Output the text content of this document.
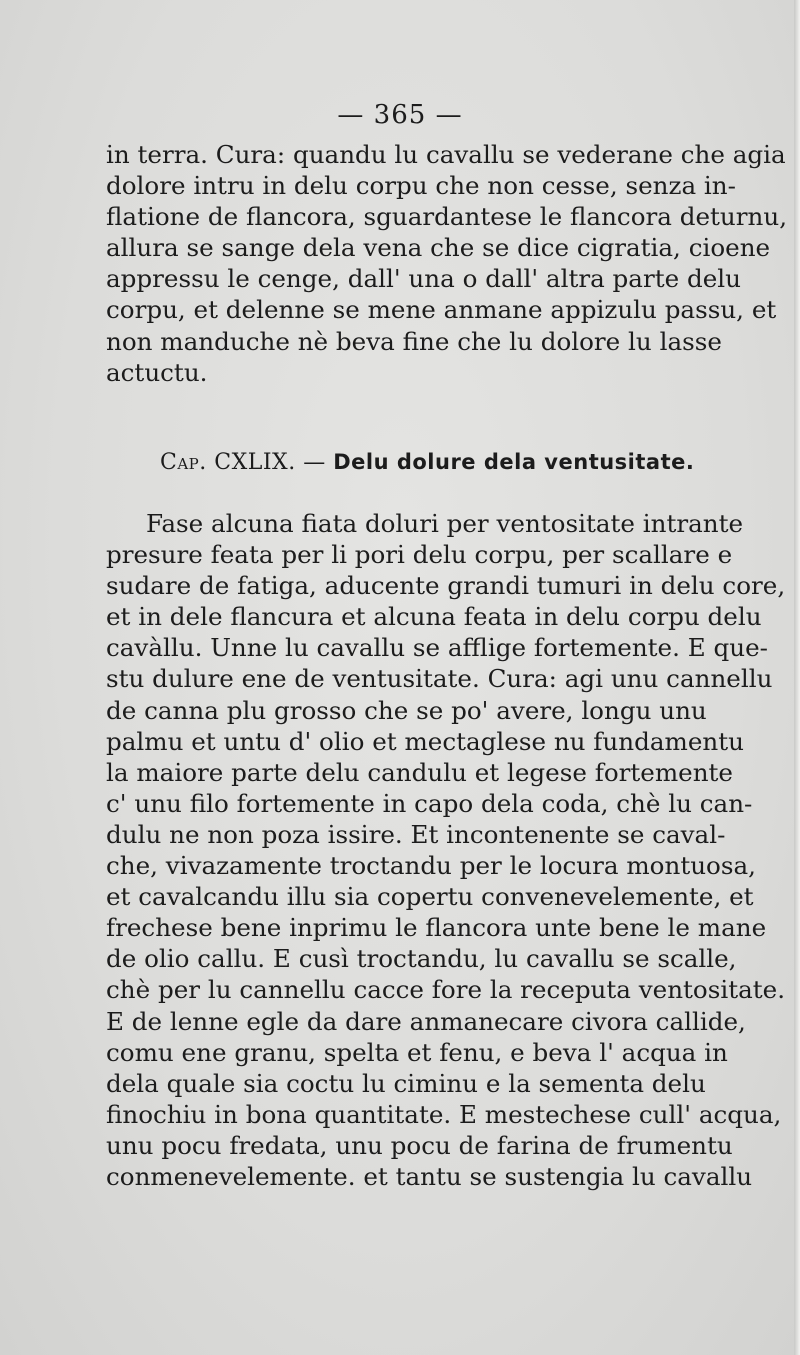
— 365 —
in terra. Cura: quandu lu cavallu se vederane che agia
dolore intru in delu corpu che non cesse, senza in-
flatione de flancora, sguardantese le flancora deturnu,
allura se sange dela vena che se dice cigratia, cioene
appressu le cenge, dall' una o dall' altra parte delu
corpu, et delenne se mene anmane appizulu passu, et
non manduche nè beva fine che lu dolore lu lasse
actuctu.
Cap. CXLIX. — Delu dolure dela ventusitate.
Fase alcuna fiata doluri per ventositate intrante
presure feata per li pori delu corpu, per scallare e
sudare de fatiga, aducente grandi tumuri in delu core,
et in dele flancura et alcuna feata in delu corpu delu
cavàllu. Unne lu cavallu se afflige fortemente. E que-
stu dulure ene de ventusitate. Cura: agi unu cannellu
de canna plu grosso che se po' avere, longu unu
palmu et untu d' olio et mectaglese nu fundamentu
la maiore parte delu candulu et legese fortemente
c' unu filo fortemente in capo dela coda, chè lu can-
dulu ne non poza issire. Et incontenente se caval-
che, vivazamente troctandu per le locura montuosa,
et cavalcandu illu sia copertu convenevelemente, et
frechese bene inprimu le flancora unte bene le mane
de olio callu. E cusì troctandu, lu cavallu se scalle,
chè per lu cannellu cacce fore la receputa ventositate.
E de lenne egle da dare anmanecare civora callide,
comu ene granu, spelta et fenu, e beva l' acqua in
dela quale sia coctu lu ciminu e la sementa delu
finochiu in bona quantitate. E mestechese cull' acqua,
unu pocu fredata, unu pocu de farina de frumentu
conmenevelemente. et tantu se sustengia lu cavallu
